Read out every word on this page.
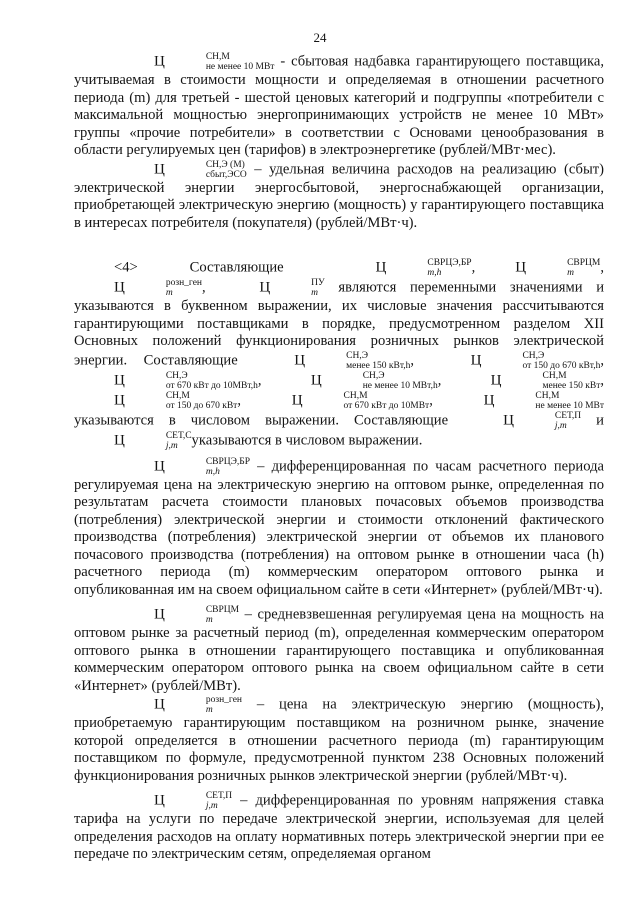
24

Ц	СН,М
не менее 10 МВт - сбытовая надбавка гарантирующего поставщика, учитываемая в стоимости мощности и определяемая в отношении расчетного периода (m) для третьей - шестой ценовых категорий и подгруппы «потребители с максимальной мощностью энергопринимающих устройств не менее 10 МВт» группы «прочие потребители» в соответствии с Основами ценообразования в области регулируемых цен (тарифов) в электроэнергетике (рублей/МВт·мес).

Ц	СН,Э (М)
сбыт,ЭСО – удельная величина расходов на реализацию (сбыт) электрической энергии энергосбытовой, энергоснабжающей организации, приобретающей электрическую энергию (мощность) у гарантирующего поставщика в интересах потребителя (покупателя) (рублей/МВт·ч).

<4> Составляющие	Ц	СВРЦЭ,БР
m,h	,	Ц	СВРЦМ
m	, Ц	розн_ген
m	,	Ц	ПУ
m являются переменными значениями и указываются в буквенном выражении, их числовые значения рассчитываются гарантирующими поставщиками в порядке, предусмотренном разделом XII Основных положений функционирования розничных рынков электрической энергии. Составляющие	Ц	СН,Э
менее 150 кВт,h ,	Ц	СН,Э
от 150 до 670 кВт,h , Ц	СН,Э
от 670 кВт до 10МВт,h ,	Ц	СН,Э
не менее 10 МВт,h ,	Ц	СН,М
менее 150 кВт , Ц	СН,М
от 150 до 670 кВт ,	Ц	СН,М
от 670 кВт до 10МВт ,	Ц	СН,М
не менее 10 МВт
указываются в числовом выражении. Составляющие	Ц	СЕТ,П
j,m и Ц	СЕТ,С
j,m указываются в числовом выражении.

Ц	СВРЦЭ,БР
m,h	– дифференцированная по часам расчетного периода регулируемая цена на электрическую энергию на оптовом рынке, определенная по результатам расчета стоимости плановых почасовых объемов производства (потребления) электрической энергии и стоимости отклонений фактического производства (потребления) электрической энергии от объемов их планового почасового производства (потребления) на оптовом рынке в отношении часа (h) расчетного периода (m) коммерческим оператором оптового рынка и опубликованная им на своем официальном сайте в сети «Интернет» (рублей/МВт·ч).

Ц	СВРЦМ
m	– средневзвешенная регулируемая цена на мощность на оптовом рынке за расчетный период (m), определенная коммерческим оператором оптового рынка в отношении гарантирующего поставщика и опубликованная коммерческим оператором оптового рынка на своем официальном сайте в сети «Интернет» (рублей/МВт).

Ц	розн_ген
m	– цена на электрическую энергию (мощность), приобретаемую гарантирующим поставщиком на розничном рынке, значение которой определяется в отношении расчетного периода (m) гарантирующим поставщиком по формуле, предусмотренной пунктом 238 Основных положений функционирования розничных рынков электрической энергии (рублей/МВт·ч).

Ц	СЕТ,П
j,m – дифференцированная по уровням напряжения ставка тарифа на услуги по передаче электрической энергии, используемая для целей определения расходов на оплату нормативных потерь электрической энергии при ее передаче по электрическим сетям, определяемая органом
